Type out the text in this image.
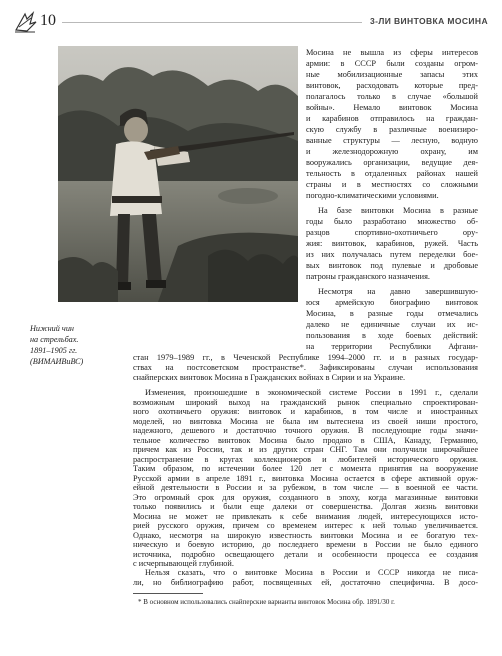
10	3-ЛИ ВИНТОВКА МОСИНА
Нижний чин
на стрельбах.
1891–1905 гг.
(ВИМАИВиВС)
Мосина не вышла из сферы интересов
армии: в СССР были созданы огром-
ные мобилизационные запасы этих
винтовок, расходовать которые пред-
полагалось только в случае «большой
войны». Немало винтовок Мосина
и карабинов отправилось на граждан-
скую службу в различные военизиро-
ванные структуры — лесную, водную
и железнодорожную охрану, им
вооружались организации, ведущие дея-
тельность в отдаленных районах нашей
страны и в местностях со сложными
погодно-климатическими условиями.
На базе винтовки Мосина в разные
годы было разработано множество об-
разцов спортивно-охотничьего ору-
жия: винтовок, карабинов, ружей. Часть
из них получалась путем переделки бое-
вых винтовок под пулевые и дробовые
патроны гражданского назначения.
Несмотря на давно завершившую-
юся армейскую биографию винтовок
Мосина, в разные годы отмечались
далеко не единичные случаи их ис-
пользования в ходе боевых действий:
на территории Республики Афгани-
стан 1979–1989 гг., в Чеченской Республике 1994–2000 гг. и в разных государ-
ствах на постсоветском пространстве*. Зафиксированы случаи использования
снайперских винтовок Мосина в Гражданских войнах в Сирии и на Украине.
Изменения, произошедшие в экономической системе России в 1991 г., сделали
возможным широкий выход на гражданский рынок специально спроектирован-
ного охотничьего оружия: винтовок и карабинов, в том числе и иностранных
моделей, но винтовка Мосина не была им вытеснена из своей ниши простого,
надежного, дешевого и достаточно точного оружия. В последующие годы значи-
тельное количество винтовок Мосина было продано в США, Канаду, Германию,
причем как из России, так и из других стран СНГ. Там они получили широчайшее
распространение в кругах коллекционеров и любителей исторического оружия.
Таким образом, по истечении более 120 лет с момента принятия на вооружение
Русской армии в апреле 1891 г., винтовка Мосина остается в сфере активной оруж-
ейной деятельности в России и за рубежом, в том числе — в военной ее части.
Это огромный срок для оружия, созданного в эпоху, когда магазинные винтовки
только появились и были еще далеки от совершенства. Долгая жизнь винтовки
Мосина не может не привлекать к себе внимания людей, интересующихся исто-
рией русского оружия, причем со временем интерес к ней только увеличивается.
Однако, несмотря на широкую известность винтовки Мосина и ее богатую тех-
ническую и боевую историю, до последнего времени в России не было единого
источника, подробно освещающего детали и особенности процесса ее создания
с исчерпывающей глубиной.
* В основном использовались снайперские варианты винтовок Мосина обр. 1891/30 г.
Нельзя сказать, что о винтовке Мосина в России и СССР никогда не писа-
ли, но библиографию работ, посвященных ей, достаточно специфична. В досо-
